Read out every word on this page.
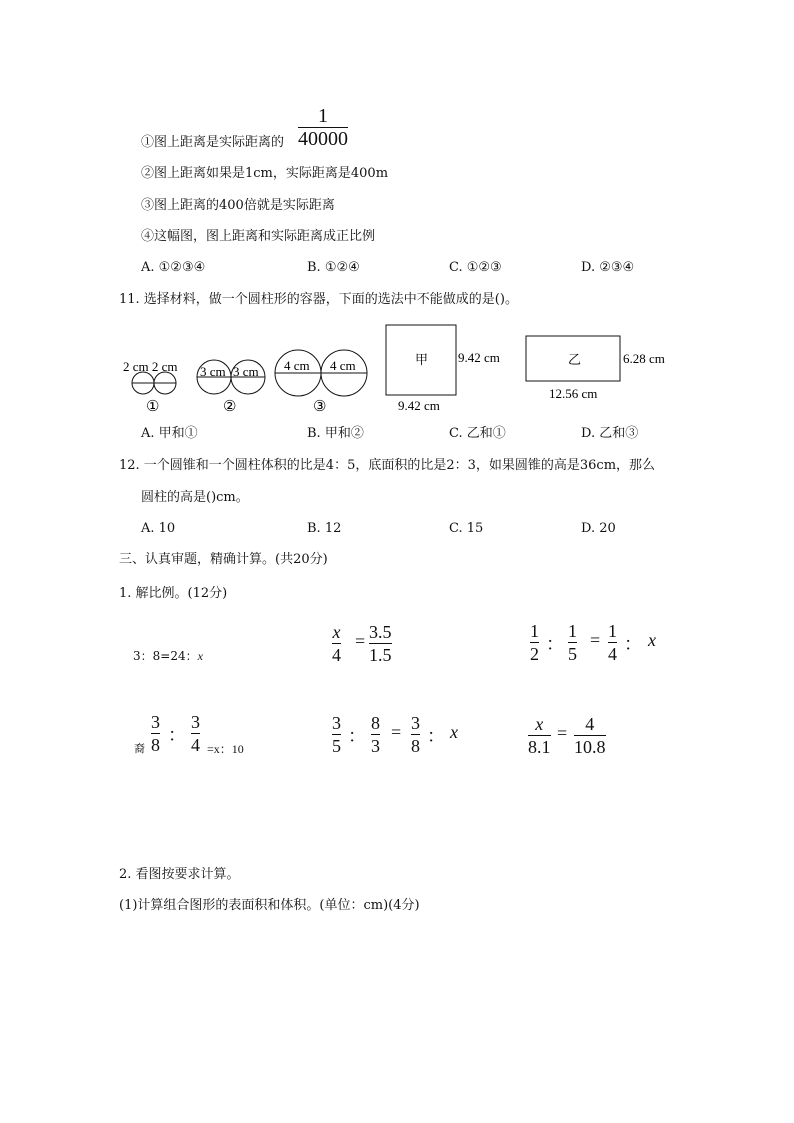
1
40000
①图上距离是实际距离的
②图上距离如果是1cm，实际距离是400m
③图上距离的400倍就是实际距离
④这幅图，图上距离和实际距离成正比例
A. ①②③④	B. ①②④	C. ①②③	D. ②③④
11. 选择材料，做一个圆柱形的容器，下面的选法中不能做成的是()。
2 cm 2 cm
①
3 cm 3 cm
②
4 cm 4 cm
③
甲 9.42 cm
9.42 cm
乙	6.28 cm
12.56 cm
A. 甲和①	B. 甲和②	C. 乙和①	D. 乙和③
12. 一个圆锥和一个圆柱体积的比是4：5，底面积的比是2：3，如果圆锥的高是36cm，那么
圆柱的高是()cm。
A. 10	B. 12	C. 15	D. 20
三、认真审题，精确计算。(共20分)
1. 解比例。(12分)
3：8=24：x
x
4
= 3.5
1.5
1
2 ：
1
5
= 1
4 ： x
裔
3
8 ：
3
4 =x：10
3
5 ：
8
3
= 3
8 ： x	x
8.1
= 4
10.8
2. 看图按要求计算。
(1)计算组合图形的表面积和体积。(单位：cm)(4分)
